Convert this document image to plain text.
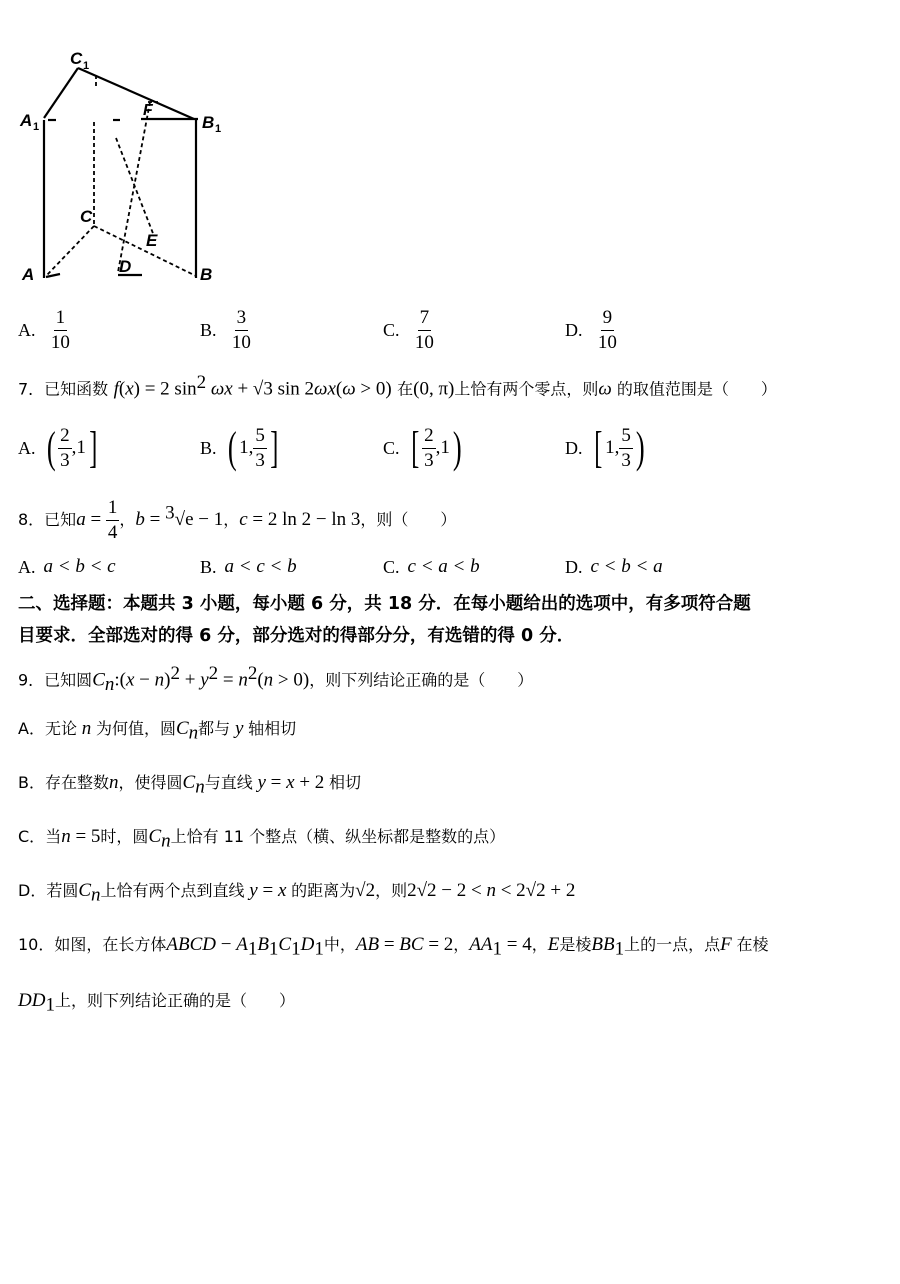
C 1
A 1	B 1
F
C
E
A	D	B
A. $\frac{1}{10}$	B. $\frac{3}{10}$	C. $\frac{7}{10}$	D. $\frac{9}{10}$
7．已知函数 f(x) = 2 $\sin^2 \omega x + √3$ sin 2ωx(ω > 0) 在(0, π)上恰有两个零点，则ω 的取值范围是（　　）
A. ( $\frac{2}{3} ,1$]	B. ( 1, $\frac{5}{3}$ ]	C. [ $\frac{2}{3} ,1$)	D. [ 1, $\frac{5}{3}$ )
8．已知$a = \frac{1}{4}$ ，b = $^3$√e − 1，c = 2 ln 2 − ln 3，则（　　）
A. a < b < c	B. a < c < b	C. c < a < b	D. c < b < a
二、选择题：本题共 3 小题，每小题 6 分，共 18 分．在每小题给出的选项中，有多项符合题
目要求．全部选对的得 6 分，部分选对的得部分分，有选错的得 0 分．
9．已知圆$C_n:(x - n)^2 + y^2 = n^2(n > 0)$，则下列结论正确的是（　　）
A．无论 n 为何值，圆$C_n$都与 y 轴相切
B．存在整数n，使得圆$C_n$与直线 y = x + 2 相切
C．当n = 5时，圆$C_n$上恰有 11 个整点（横、纵坐标都是整数的点）
D．若圆$C_n$上恰有两个点到直线 y = x 的距离为√2，则2√2 − 2 < n < 2√2 + 2
10．如图，在长方体ABCD − $A_1B_1C_1D_1$中，AB = BC = 2，$AA_1 = 4$，E是棱$BB_1$上的一点，点F 在棱
$DD_1$上，则下列结论正确的是（　　）
